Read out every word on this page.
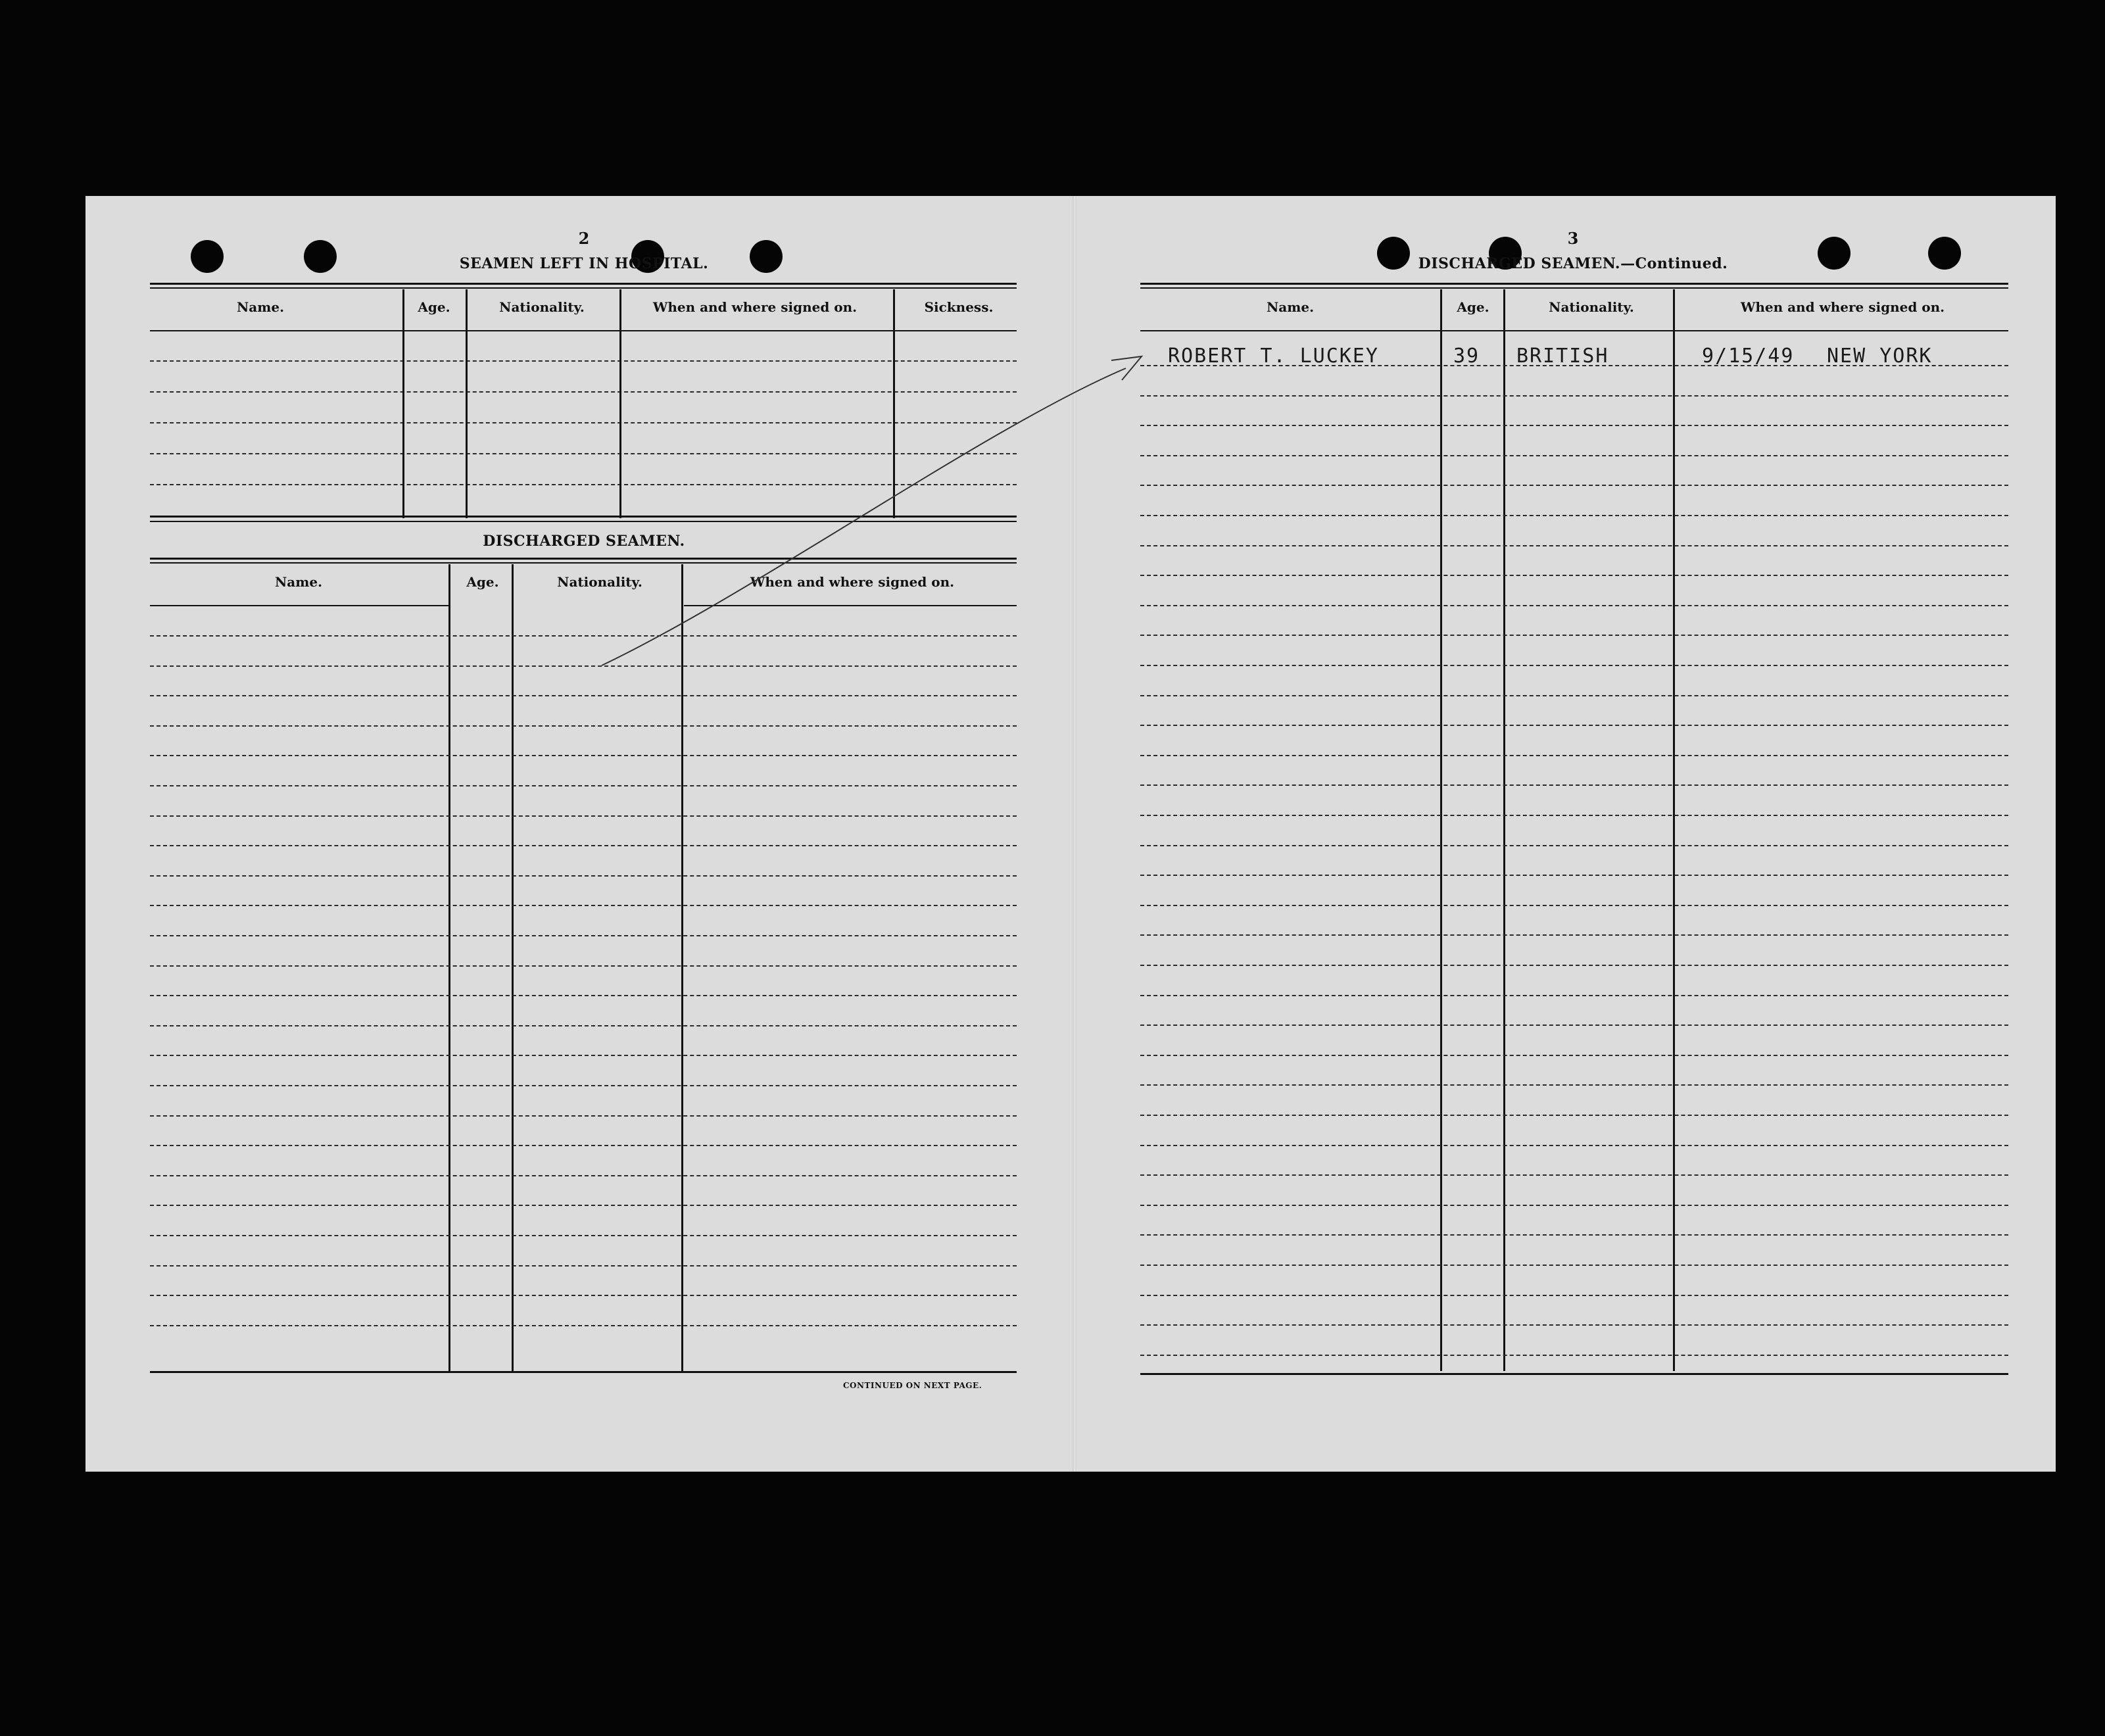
2
SEAMEN LEFT IN HOSPITAL.
Name.	Age.	Nationality.	When and where signed on.	Sickness.
DISCHARGED SEAMEN.
Name.	Age.	Nationality.	When and where signed on.
CONTINUED ON NEXT PAGE.
3
DISCHARGED SEAMEN.—Continued.
Name.	Age.	Nationality.	When and where signed on.
ROBERT T. LUCKEY	39 BRITISH	9/15/49 NEW YORK
